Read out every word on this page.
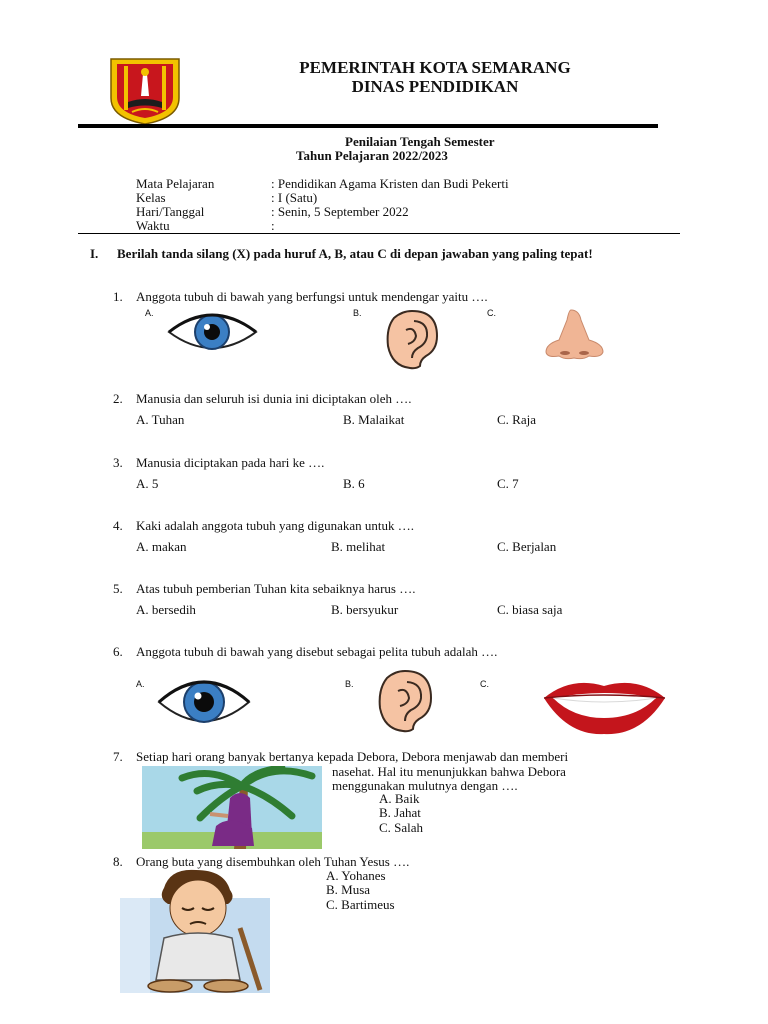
PEMERINTAH KOTA SEMARANG
DINAS PENDIDIKAN
Penilaian Tengah Semester
Tahun Pelajaran 2022/2023
Mata Pelajaran	: Pendidikan Agama Kristen dan Budi Pekerti
Kelas	: I (Satu)
Hari/Tanggal	: Senin, 5 September 2022
Waktu	:
I. Berilah tanda silang (X) pada huruf A, B, atau C di depan jawaban yang paling tepat!
1. Anggota tubuh di bawah yang berfungsi untuk mendengar yaitu ….
A.	B.	C.
2. Manusia dan seluruh isi dunia ini diciptakan oleh ….
A. Tuhan	B. Malaikat	C. Raja
3. Manusia diciptakan pada hari ke ….
A. 5	B. 6	C. 7
4. Kaki adalah anggota tubuh yang digunakan untuk ….
A. makan	B. melihat	C. Berjalan
5. Atas tubuh pemberian Tuhan kita sebaiknya harus ….
A. bersedih	B. bersyukur	C. biasa saja
6. Anggota tubuh di bawah yang disebut sebagai pelita tubuh adalah ….
A.	B.	C.
7. Setiap hari orang banyak bertanya kepada Debora, Debora menjawab dan memberi
nasehat. Hal itu menunjukkan bahwa Debora
menggunakan mulutnya dengan ….
A. Baik
B. Jahat
C. Salah
8. Orang buta yang disembuhkan oleh Tuhan Yesus ….
A. Yohanes
B. Musa
C. Bartimeus
